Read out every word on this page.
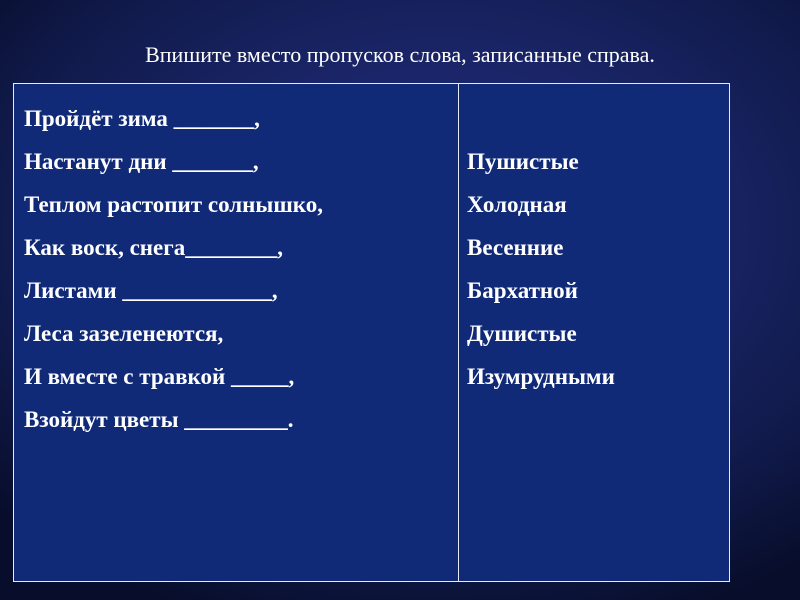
Впишите вместо пропусков слова, записанные справа.
Пройдёт зима _______,
Настанут дни _______,
Теплом растопит солнышко,
Как воск, снега________,
Листами _____________,
Леса зазеленеются,
И вместе с травкой _____,
Взойдут цветы _________.
Пушистые
Холодная
Весенние
Бархатной
Душистые
Изумрудными
